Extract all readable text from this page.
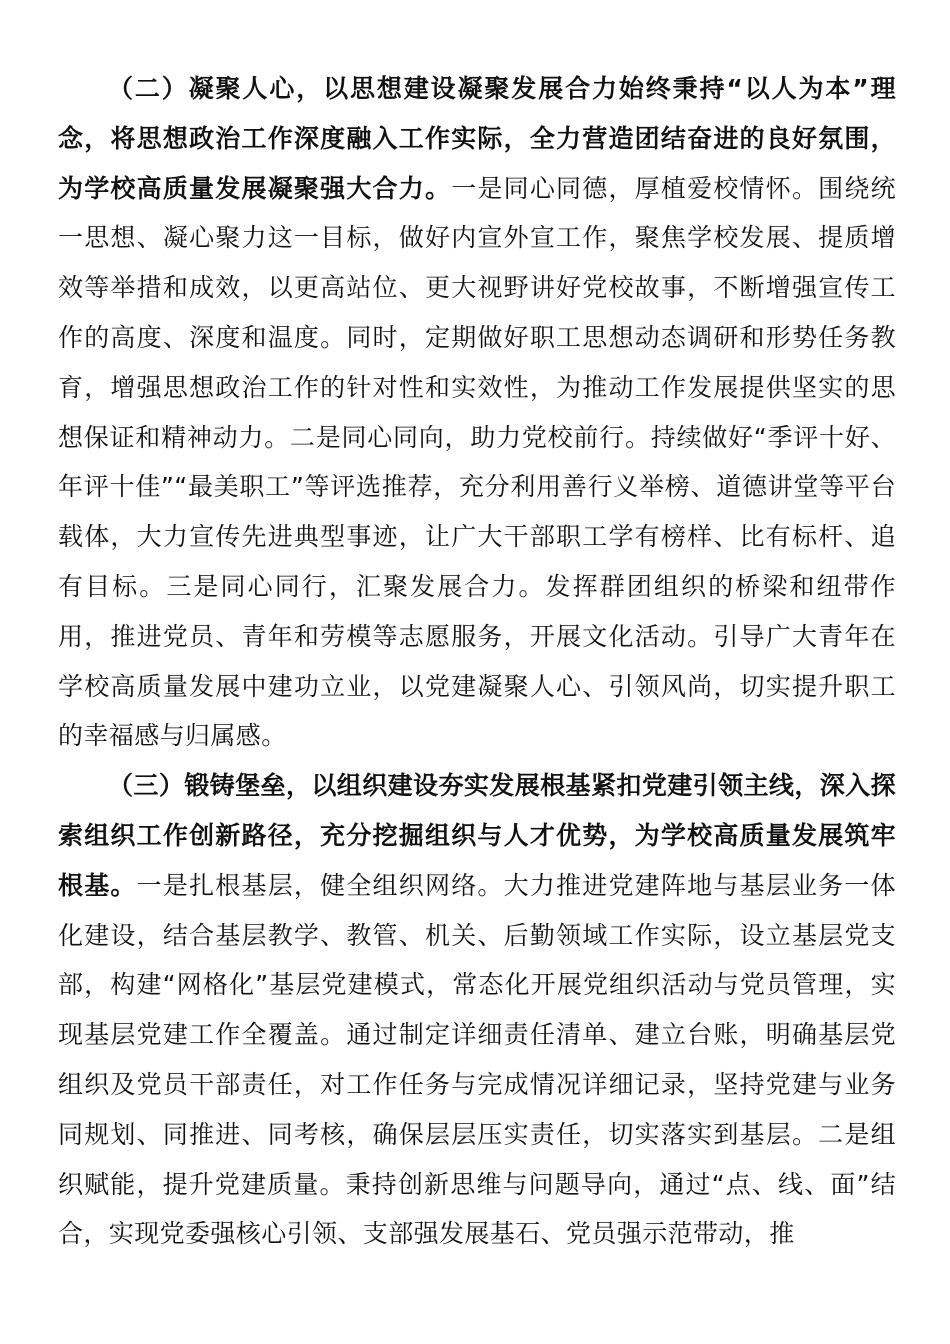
（二）凝聚人心，以思想建设凝聚发展合力始终秉持“以人为本”理念，将思想政治工作深度融入工作实际，全力营造团结奋进的良好氛围，为学校高质量发展凝聚强大合力。一是同心同德，厚植爱校情怀。围绕统一思想、凝心聚力这一目标，做好内宣外宣工作，聚焦学校发展、提质增效等举措和成效，以更高站位、更大视野讲好党校故事，不断增强宣传工作的高度、深度和温度。同时，定期做好职工思想动态调研和形势任务教育，增强思想政治工作的针对性和实效性，为推动工作发展提供坚实的思想保证和精神动力。二是同心同向，助力党校前行。持续做好“季评十好、年评十佳”“最美职工”等评选推荐，充分利用善行义举榜、道德讲堂等平台载体，大力宣传先进典型事迹，让广大干部职工学有榜样、比有标杆、追有目标。三是同心同行，汇聚发展合力。发挥群团组织的桥梁和纽带作用，推进党员、青年和劳模等志愿服务，开展文化活动。引导广大青年在学校高质量发展中建功立业，以党建凝聚人心、引领风尚，切实提升职工的幸福感与归属感。

（三）锻铸堡垒，以组织建设夯实发展根基紧扣党建引领主线，深入探索组织工作创新路径，充分挖掘组织与人才优势，为学校高质量发展筑牢根基。一是扎根基层，健全组织网络。大力推进党建阵地与基层业务一体化建设，结合基层教学、教管、机关、后勤领域工作实际，设立基层党支部，构建“网格化”基层党建模式，常态化开展党组织活动与党员管理，实现基层党建工作全覆盖。通过制定详细责任清单、建立台账，明确基层党组织及党员干部责任，对工作任务与完成情况详细记录，坚持党建与业务同规划、同推进、同考核，确保层层压实责任，切实落实到基层。二是组织赋能，提升党建质量。秉持创新思维与问题导向，通过“点、线、面”结合，实现党委强核心引领、支部强发展基石、党员强示范带动，推
